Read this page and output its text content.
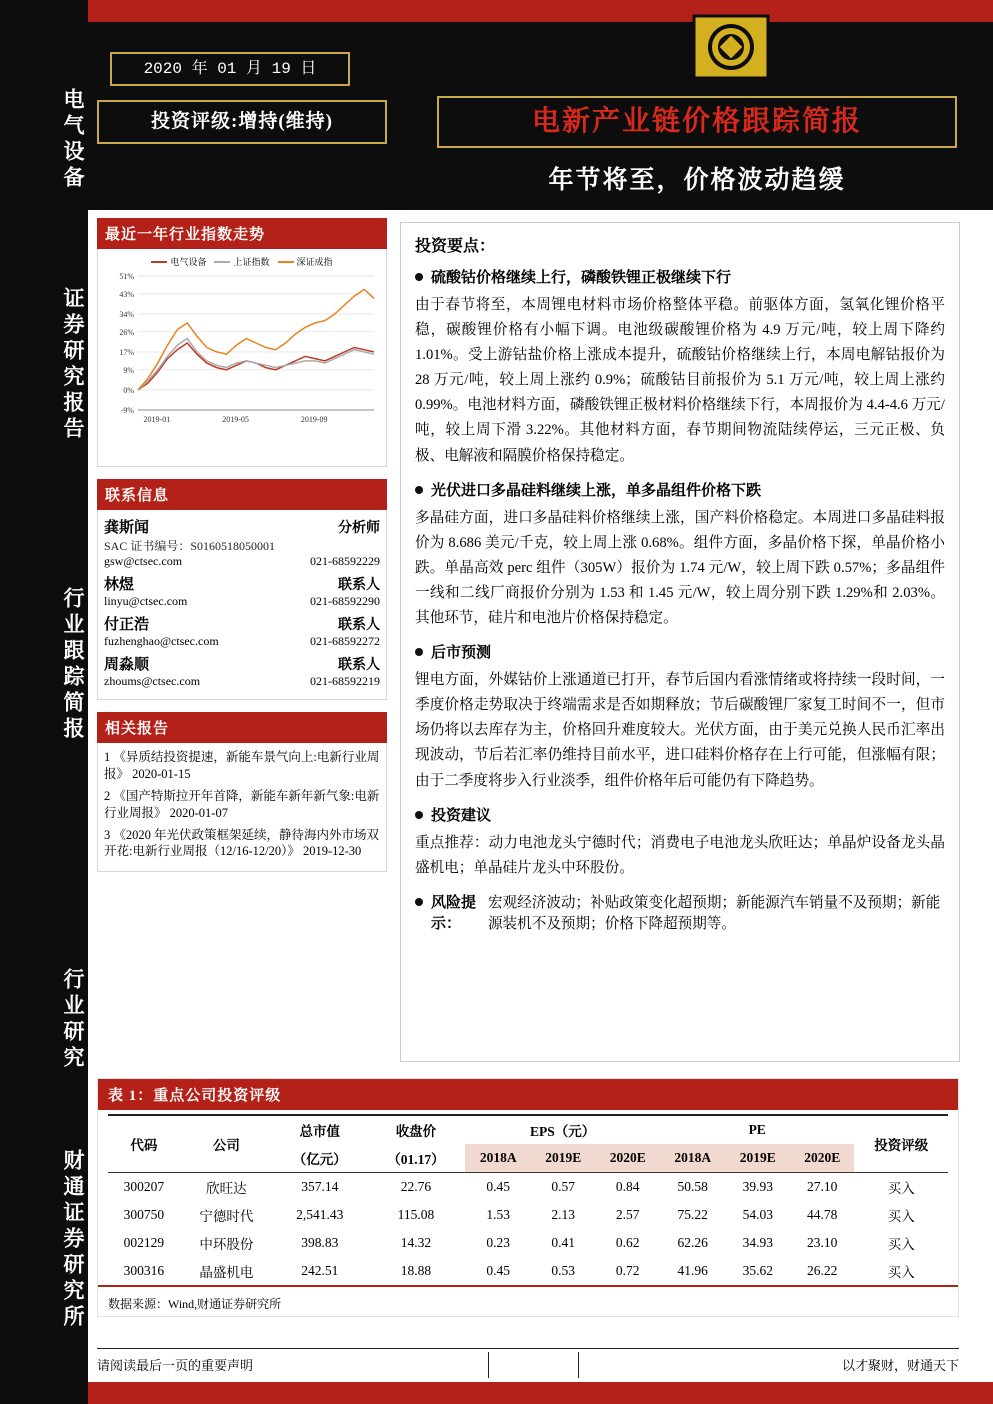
电气设备
证券研究报告
行业跟踪简报
行业研究
财通证券研究所
2020 年 01 月 19 日
投资评级:增持(维持)	电新产业链价格跟踪简报
年节将至，价格波动趋缓
最近一年行业指数走势
电气设备	上证指数	深证成指
-9%
0%
9%
17%
26%
34%
43%
51%
2019-01	2019-05	2019-09
联系信息
龚斯闻	分析师
SAC 证书编号：S0160518050001
gsw@ctsec.com	021-68592229
林煜	联系人
linyu@ctsec.com	021-68592290
付正浩	联系人
fuzhenghao@ctsec.com	021-68592272
周淼顺	联系人
zhoums@ctsec.com	021-68592219
相关报告
1 《异质结投资提速，新能车景气向上:电新行业周报》 2020-01-15
2 《国产特斯拉开年首降，新能车新年新气象:电新行业周报》 2020-01-07
3 《2020 年光伏政策框架延续，静待海内外市场双开花:电新行业周报（12/16-12/20）》 2019-12-30
投资要点：
硫酸钴价格继续上行，磷酸铁锂正极继续下行

由于春节将至，本周锂电材料市场价格整体平稳。前驱体方面，氢氧化锂价格平稳，碳酸锂价格有小幅下调。电池级碳酸锂价格为 4.9 万元/吨，较上周下降约 1.01%。受上游钴盐价格上涨成本提升，硫酸钴价格继续上行，本周电解钴报价为 28 万元/吨，较上周上涨约 0.9%；硫酸钴目前报价为 5.1 万元/吨，较上周上涨约 0.99%。电池材料方面，磷酸铁锂正极材料价格继续下行，本周报价为 4.4-4.6 万元/吨，较上周下滑 3.22%。其他材料方面，春节期间物流陆续停运，三元正极、负极、电解液和隔膜价格保持稳定。

光伏进口多晶硅料继续上涨，单多晶组件价格下跌

多晶硅方面，进口多晶硅料价格继续上涨，国产料价格稳定。本周进口多晶硅料报价为 8.686 美元/千克，较上周上涨 0.68%。组件方面，多晶价格下探，单晶价格小跌。单晶高效 perc 组件（305W）报价为 1.74 元/W，较上周下跌 0.57%；多晶组件一线和二线厂商报价分别为 1.53 和 1.45 元/W，较上周分别下跌 1.29%和 2.03%。其他环节，硅片和电池片价格保持稳定。

后市预测

锂电方面，外媒钴价上涨通道已打开，春节后国内看涨情绪或将持续一段时间，一季度价格走势取决于终端需求是否如期释放；节后碳酸锂厂家复工时间不一，但市场仍将以去库存为主，价格回升难度较大。光伏方面，由于美元兑换人民币汇率出现波动，节后若汇率仍维持目前水平，进口硅料价格存在上行可能，但涨幅有限；由于二季度将步入行业淡季，组件价格年后可能仍有下降趋势。

投资建议

重点推荐：动力电池龙头宁德时代；消费电子电池龙头欣旺达；单晶炉设备龙头晶盛机电；单晶硅片龙头中环股份。

风险提示：
宏观经济波动；补贴政策变化超预期；新能源汽车销量不及预期；新能源装机不及预期；价格下降超预期等。
表 1：重点公司投资评级
代码	公司	总市值	收盘价	EPS（元）			PE			投资评级
		（亿元）	（01.17）	2018A	2019E	2020E	2018A	2019E	2020E	
300207	欣旺达	357.14	22.76	0.45	0.57	0.84	50.58	39.93	27.10	买入
300750	宁德时代	2,541.43	115.08	1.53	2.13	2.57	75.22	54.03	44.78	买入
002129	中环股份	398.83	14.32	0.23	0.41	0.62	62.26	34.93	23.10	买入
300316	晶盛机电	242.51	18.88	0.45	0.53	0.72	41.96	35.62	26.22	买入
数据来源：Wind,财通证券研究所
请阅读最后一页的重要声明	以才聚财，财通天下
